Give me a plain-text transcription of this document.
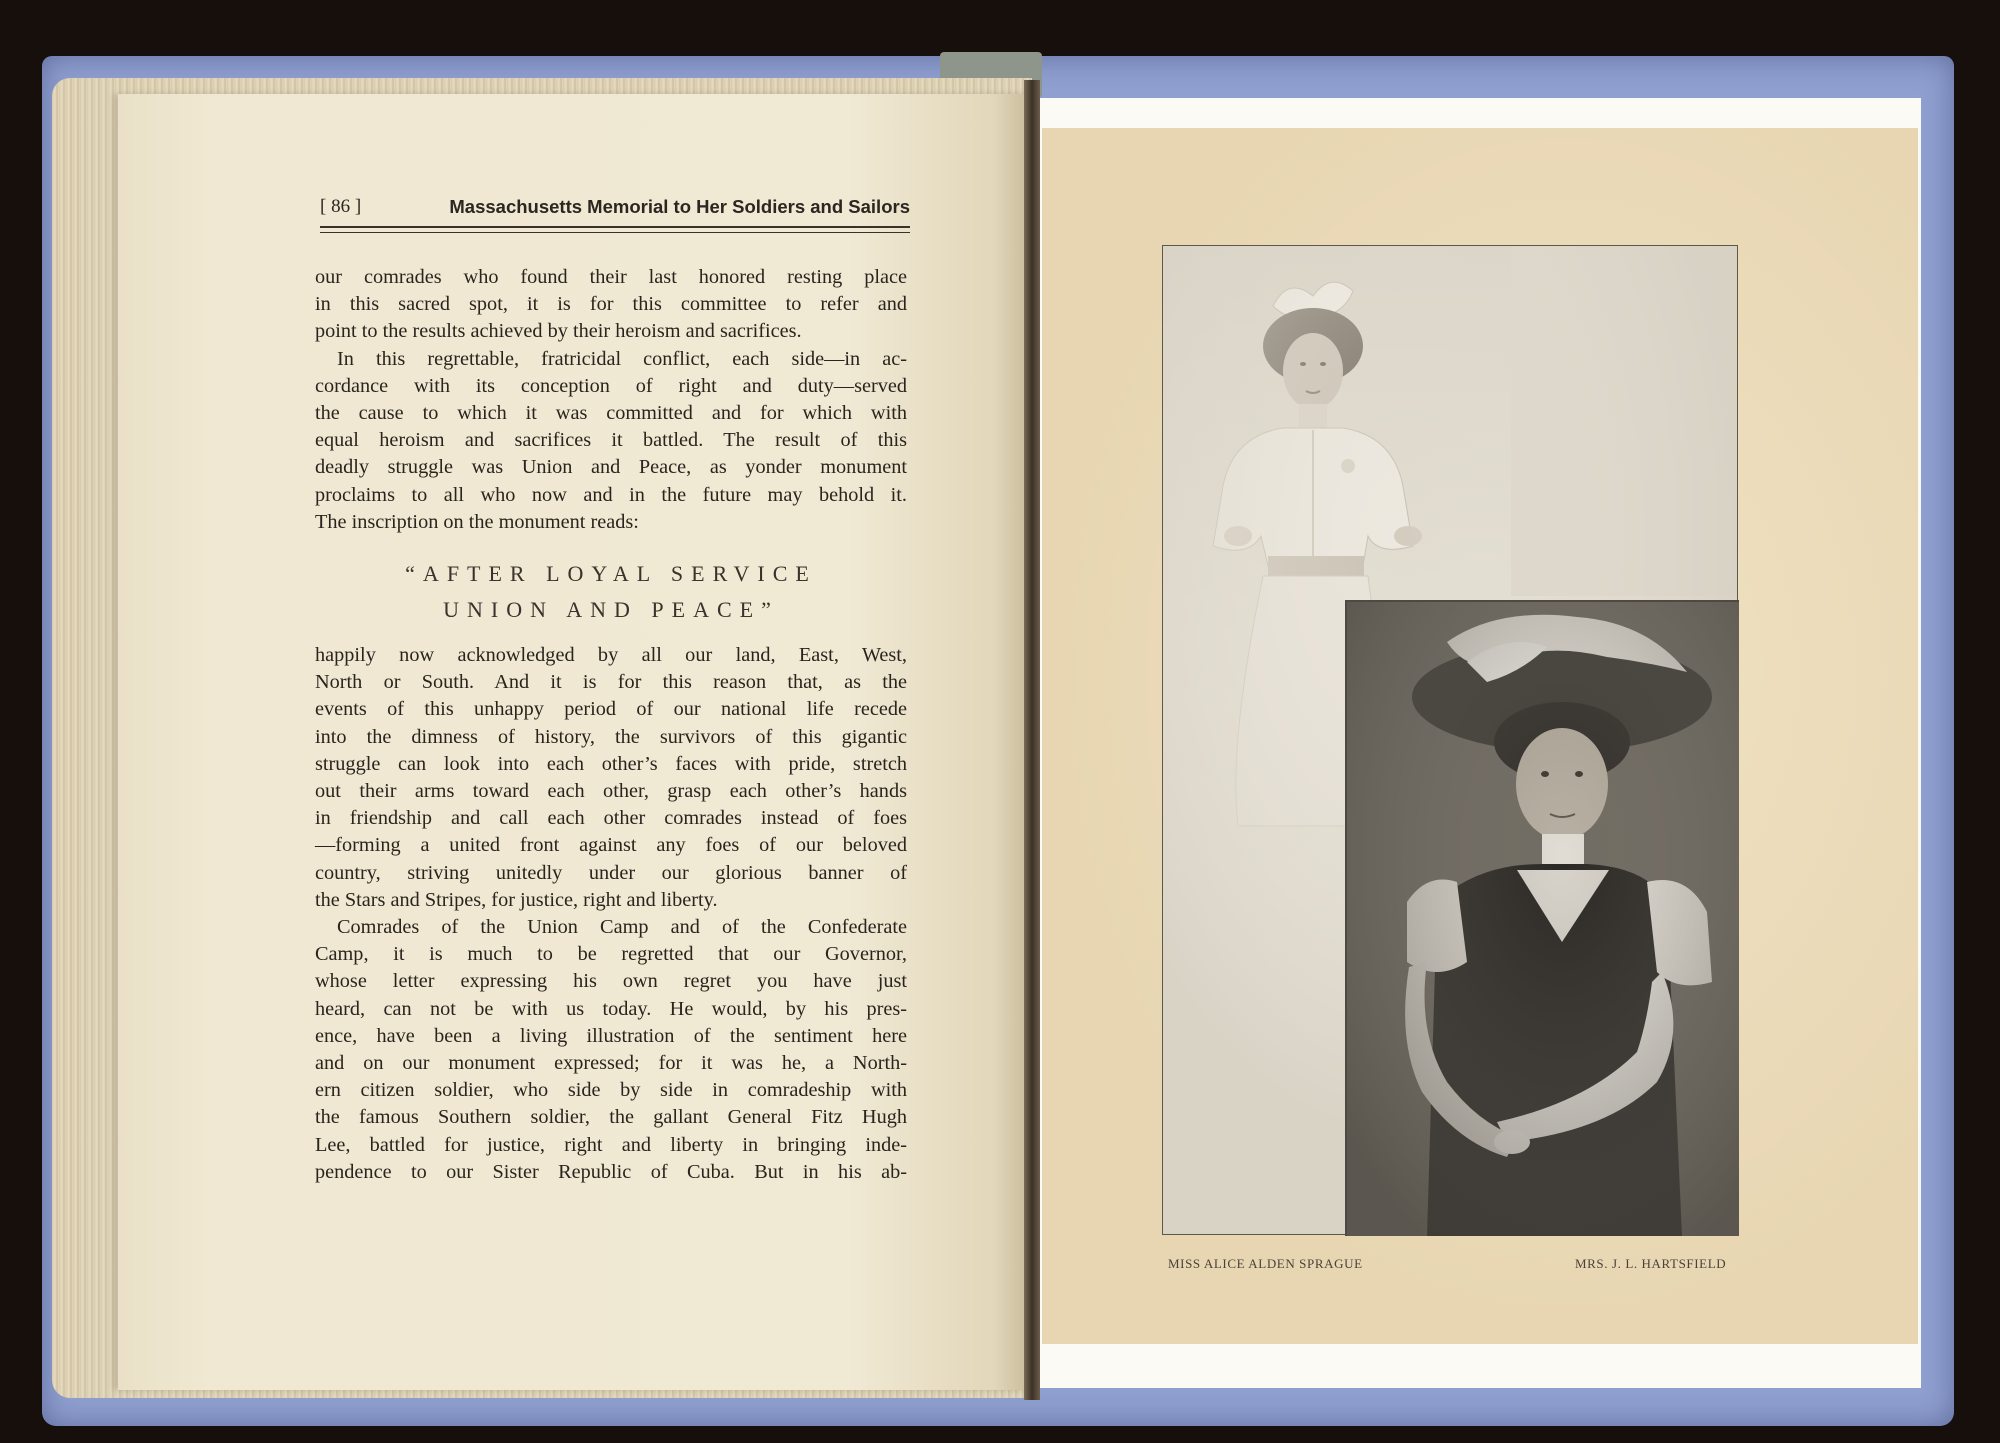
[ 86 ]	Massachusetts Memorial to Her Soldiers and Sailors
our comrades who found their last honored resting place
in this sacred spot, it is for this committee to refer and
point to the results achieved by their heroism and sacrifices.
In this regrettable, fratricidal conflict, each side—in ac-
cordance with its conception of right and duty—served
the cause to which it was committed and for which with
equal heroism and sacrifices it battled. The result of this
deadly struggle was Union and Peace, as yonder monument
proclaims to all who now and in the future may behold it.
The inscription on the monument reads:
“AFTER LOYAL SERVICE
UNION AND PEACE”
happily now acknowledged by all our land, East, West,
North or South. And it is for this reason that, as the
events of this unhappy period of our national life recede
into the dimness of history, the survivors of this gigantic
struggle can look into each other’s faces with pride, stretch
out their arms toward each other, grasp each other’s hands
in friendship and call each other comrades instead of foes
—forming a united front against any foes of our beloved
country, striving unitedly under our glorious banner of
the Stars and Stripes, for justice, right and liberty.
Comrades of the Union Camp and of the Confederate
Camp, it is much to be regretted that our Governor,
whose letter expressing his own regret you have just
heard, can not be with us today. He would, by his pres-
ence, have been a living illustration of the sentiment here
and on our monument expressed; for it was he, a North-
ern citizen soldier, who side by side in comradeship with
the famous Southern soldier, the gallant General Fitz Hugh
Lee, battled for justice, right and liberty in bringing inde-
pendence to our Sister Republic of Cuba. But in his ab-
MISS ALICE ALDEN SPRAGUE	MRS. J. L. HARTSFIELD
